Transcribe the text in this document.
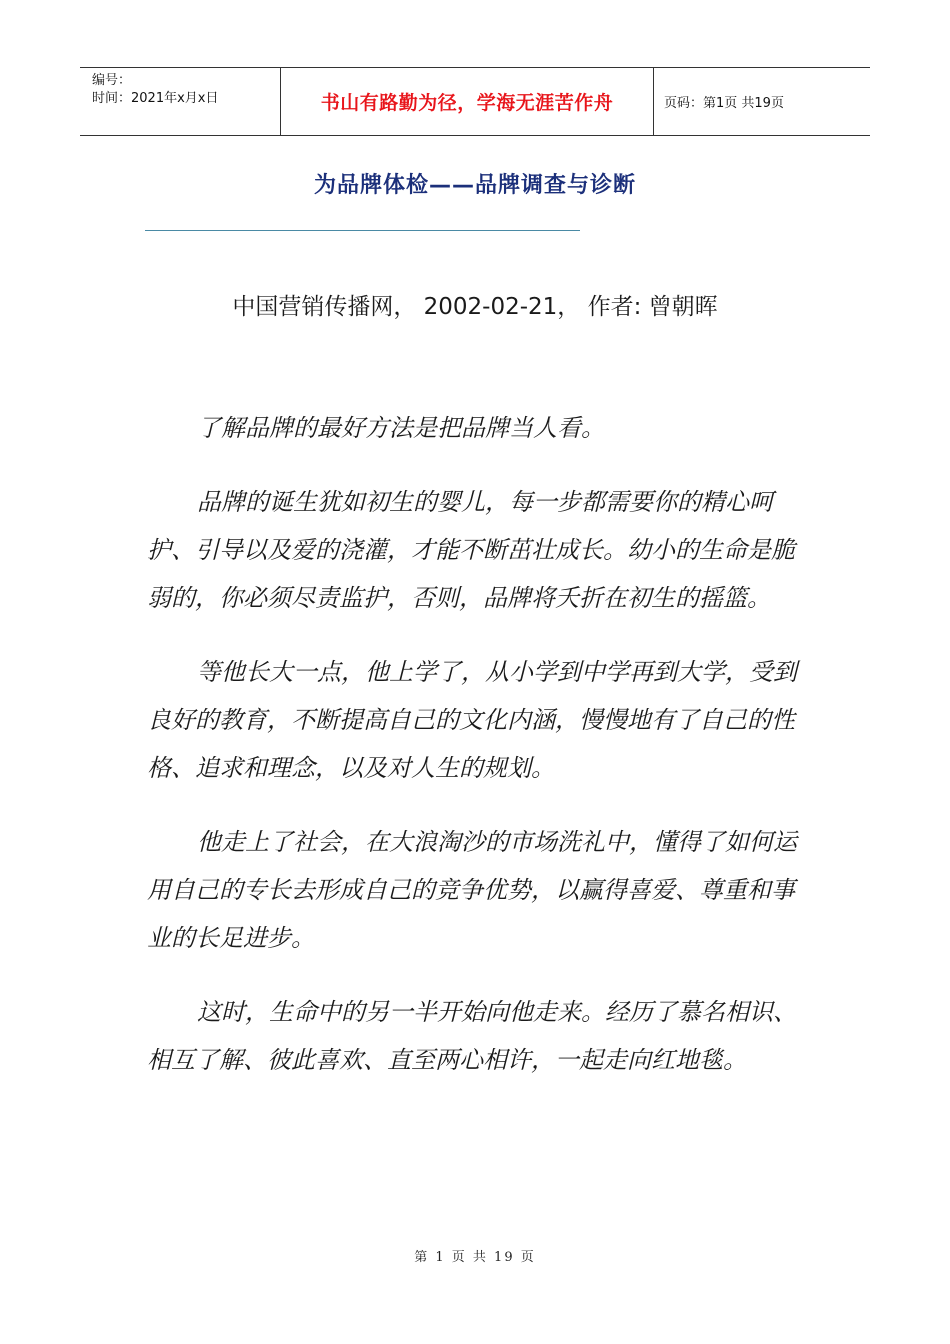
编号：
时间：2021年x月x日	书山有路勤为径，学海无涯苦作舟	页码：第1页 共19页
为品牌体检——品牌调查与诊断
中国营销传播网， 2002-02-21， 作者: 曾朝晖

了解品牌的最好方法是把品牌当人看。

品牌的诞生犹如初生的婴儿，每一步都需要你的精心呵护、引导以及爱的浇灌，才能不断茁壮成长。幼小的生命是脆弱的，你必须尽责监护，否则，品牌将夭折在初生的摇篮。

等他长大一点，他上学了，从小学到中学再到大学，受到良好的教育，不断提高自己的文化内涵，慢慢地有了自己的性格、追求和理念，以及对人生的规划。

他走上了社会，在大浪淘沙的市场洗礼中，懂得了如何运用自己的专长去形成自己的竞争优势，以赢得喜爱、尊重和事业的长足进步。

这时，生命中的另一半开始向他走来。经历了慕名相识、相互了解、彼此喜欢、直至两心相许，一起走向红地毯。

第 1 页 共 19 页
